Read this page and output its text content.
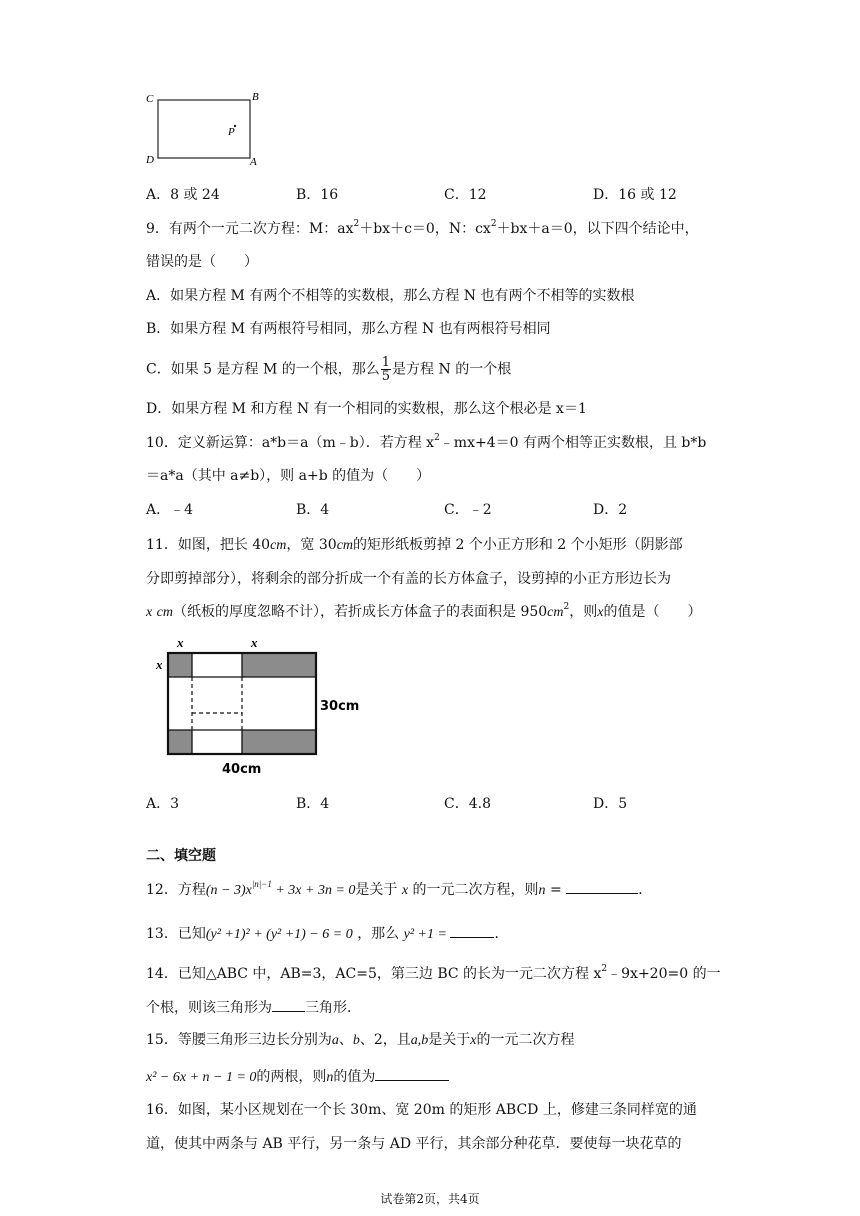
C	B
D	A
P
A．8 或 24	B．16	C．12	D．16 或 12
9．有两个一元二次方程：M：$ax^2+bx+c=0$，N：$cx^2+bx+a=0$，以下四个结论中，
错误的是（　　）
A．如果方程 M 有两个不相等的实数根，那么方程 N 也有两个不相等的实数根
B．如果方程 M 有两根符号相同，那么方程 N 也有两根符号相同
C．如果 5 是方程 M 的一个根，那么 $\frac{1}{5}$ 是方程 N 的一个根
D．如果方程 M 和方程 N 有一个相同的实数根，那么这个根必是 x＝1
10．定义新运算：a*b＝a（m﹣b）．若方程 $x^2﹣mx+4=0$ 有两个相等正实数根，且 b*b
＝a*a（其中 a≠b），则 a+b 的值为（　　）
A．﹣4	B．4	C．﹣2	D．2
11．如图，把长 40cm，宽 30cm的矩形纸板剪掉 2 个小正方形和 2 个小矩形（阴影部
分即剪掉部分），将剩余的部分折成一个有盖的长方体盒子，设剪掉的小正方形边长为
x cm（纸板的厚度忽略不计），若折成长方体盒子的表面积是 $950cm^2$，则x的值是（　　）
x	x
x
30cm
40cm
A．3	B．4	C．4.8	D．5
二、填空题
12．方程$(n - 3)x^{|n|-1} + 3x + 3n = 0$是关于 x 的一元二次方程，则n =	．
13．已知(y² +1)² + (y² +1) − 6 = 0 ，那么 y² +1 =	．
14．已知△ABC 中，AB=3，AC=5，第三边 BC 的长为一元二次方程 $x^2﹣9x+20=0$ 的一
个根，则该三角形为 三角形．
15．等腰三角形三边长分别为a、b、2，且a,b是关于x的一元二次方程
x² − 6x + n − 1 = 0的两根，则n的值为
16．如图，某小区规划在一个长 30m、宽 20m 的矩形 ABCD 上，修建三条同样宽的通
道，使其中两条与 AB 平行，另一条与 AD 平行，其余部分种花草．要使每一块花草的
试卷第2页，共4页
